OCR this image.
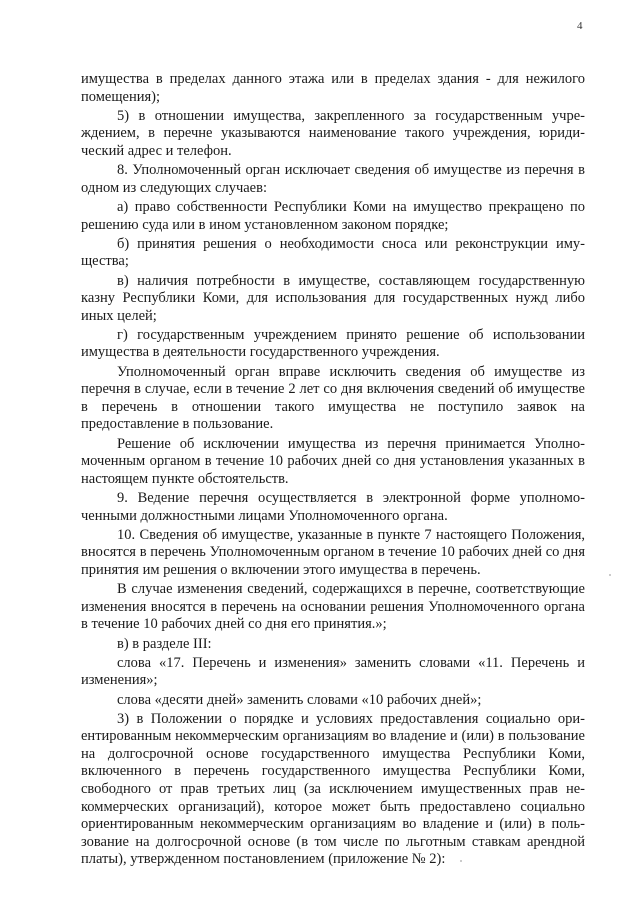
4

имущества в пределах данного этажа или в пределах здания - для нежилого помещения);

5) в отношении имущества, закрепленного за государственным учреждением, в перечне указываются наименование такого учреждения, юридический адрес и телефон.

8. Уполномоченный орган исключает сведения об имуществе из перечня в одном из следующих случаев:

а) право собственности Республики Коми на имущество прекращено по решению суда или в ином установленном законом порядке;

б) принятия решения о необходимости сноса или реконструкции имущества;

в) наличия потребности в имуществе, составляющем государственную казну Республики Коми, для использования для государственных нужд либо иных целей;

г) государственным учреждением принято решение об использовании имущества в деятельности государственного учреждения.

Уполномоченный орган вправе исключить сведения об имуществе из перечня в случае, если в течение 2 лет со дня включения сведений об имуществе в перечень в отношении такого имущества не поступило заявок на предоставление в пользование.

Решение об исключении имущества из перечня принимается Уполномоченным органом в течение 10 рабочих дней со дня установления указанных в настоящем пункте обстоятельств.

9. Ведение перечня осуществляется в электронной форме уполномоченными должностными лицами Уполномоченного органа.

10. Сведения об имуществе, указанные в пункте 7 настоящего Положения, вносятся в перечень Уполномоченным органом в течение 10 рабочих дней со дня принятия им решения о включении этого имущества в перечень.

В случае изменения сведений, содержащихся в перечне, соответствующие изменения вносятся в перечень на основании решения Уполномоченного органа в течение 10 рабочих дней со дня его принятия.»;

в) в разделе III:

слова «17. Перечень и изменения» заменить словами «11. Перечень и изменения»;

слова «десяти дней» заменить словами «10 рабочих дней»;

3) в Положении о порядке и условиях предоставления социально ориентированным некоммерческим организациям во владение и (или) в пользование на долгосрочной основе государственного имущества Республики Коми, включенного в перечень государственного имущества Республики Коми, свободного от прав третьих лиц (за исключением имущественных прав некоммерческих организаций), которое может быть предоставлено социально ориентированным некоммерческим организациям во владение и (или) в пользование на долгосрочной основе (в том числе по льготным ставкам арендной платы), утвержденном постановлением (приложение № 2):
